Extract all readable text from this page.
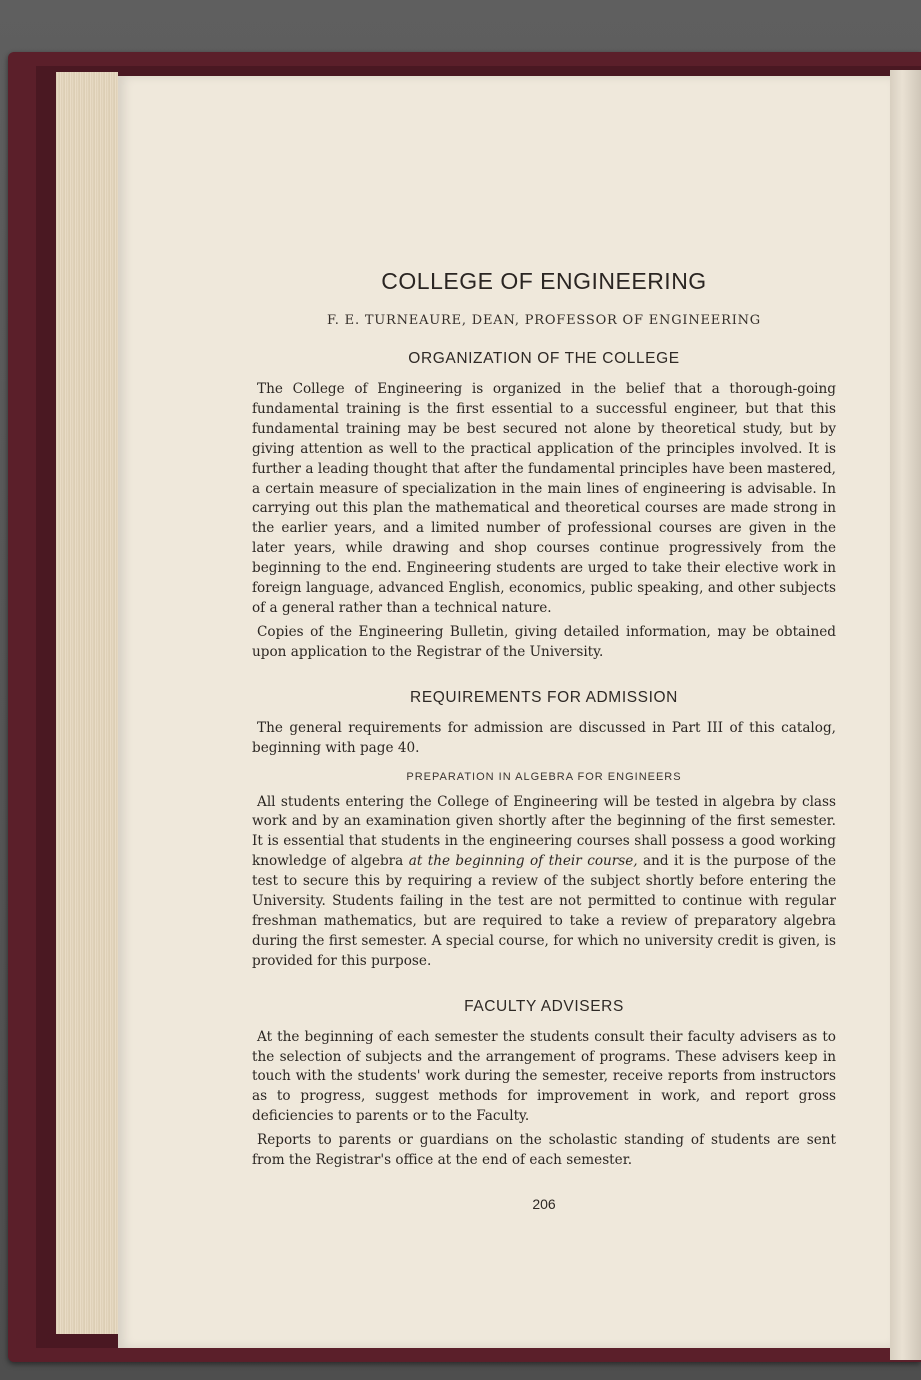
COLLEGE OF ENGINEERING
F. E. TURNEAURE, DEAN, PROFESSOR OF ENGINEERING
ORGANIZATION OF THE COLLEGE

The College of Engineering is organized in the belief that a thorough-going fundamental training is the first essential to a successful engineer, but that this fundamental training may be best secured not alone by theoretical study, but by giving attention as well to the practical application of the principles involved. It is further a leading thought that after the fundamental principles have been mastered, a certain measure of specialization in the main lines of engineering is advisable. In carrying out this plan the mathematical and theoretical courses are made strong in the earlier years, and a limited number of professional courses are given in the later years, while drawing and shop courses continue progressively from the beginning to the end. Engineering students are urged to take their elective work in foreign language, advanced English, economics, public speaking, and other subjects of a general rather than a technical nature.

Copies of the Engineering Bulletin, giving detailed information, may be obtained upon application to the Registrar of the University.

REQUIREMENTS FOR ADMISSION

The general requirements for admission are discussed in Part III of this catalog, beginning with page 40.

PREPARATION IN ALGEBRA FOR ENGINEERS

All students entering the College of Engineering will be tested in algebra by class work and by an examination given shortly after the beginning of the first semester. It is essential that students in the engineering courses shall possess a good working knowledge of algebra at the beginning of their course, and it is the purpose of the test to secure this by requiring a review of the subject shortly before entering the University. Students failing in the test are not permitted to continue with regular freshman mathematics, but are required to take a review of preparatory algebra during the first semester. A special course, for which no university credit is given, is provided for this purpose.

FACULTY ADVISERS

At the beginning of each semester the students consult their faculty advisers as to the selection of subjects and the arrangement of programs. These advisers keep in touch with the students' work during the semester, receive reports from instructors as to progress, suggest methods for improvement in work, and report gross deficiencies to parents or to the Faculty.

Reports to parents or guardians on the scholastic standing of students are sent from the Registrar's office at the end of each semester.

206
